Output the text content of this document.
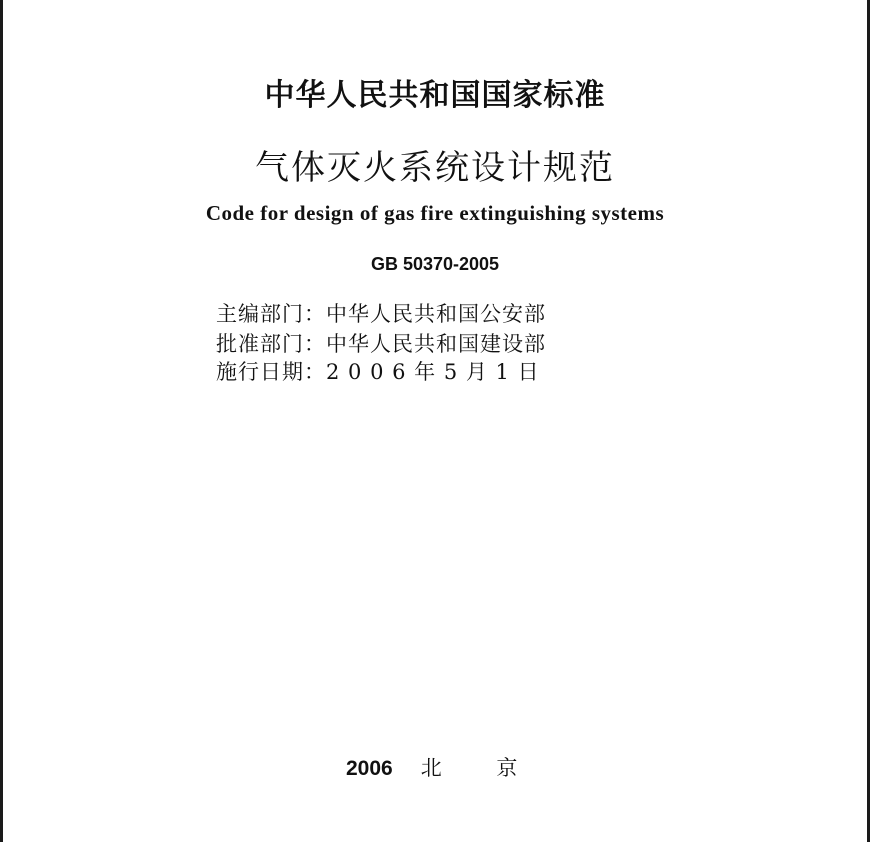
中华人民共和国国家标准
气体灭火系统设计规范
Code for design of gas fire extinguishing systems
GB 50370-2005
主编部门：中华人民共和国公安部
批准部门：中华人民共和国建设部
施行日期：2 0 0 6 年 5 月 1 日
2006 北 京
